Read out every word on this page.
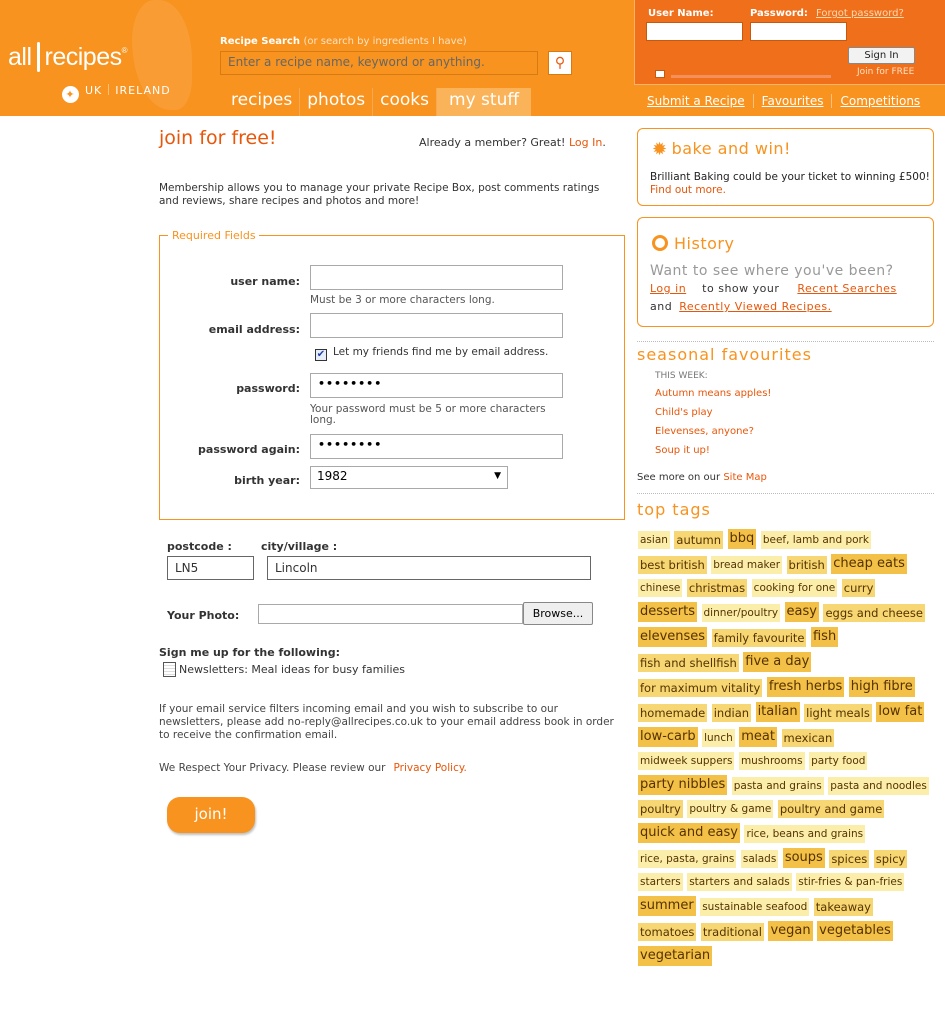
all recipes®
✦ UK IRELAND
Recipe Search (or search by ingredients I have)
Enter a recipe name, keyword or anything.	⚲
recipes photos cooks	my stuff
User Name:	Password: Forgot password?
Sign In
Join for FREE
Submit a Recipe	Favourites	Competitions
join for free!	Already a member? Great! Log In.
Membership allows you to manage your private Recipe Box, post comments ratings and reviews, share recipes and photos and more!
Required Fields
user name:
Must be 3 or more characters long.
email address:
✔ Let my friends find me by email address.
password:	••••••••
Your password must be 5 or more characters long.
password again:	••••••••
birth year:	1982	▼
postcode :	city/village :
LN5	Lincoln
Your Photo:	Browse...
Sign me up for the following:
Newsletters: Meal ideas for busy families
If your email service filters incoming email and you wish to subscribe to our newsletters, please add no-reply@allrecipes.co.uk to your email address book in order to receive the confirmation email.
We Respect Your Privacy. Please review our Privacy Policy.
join!
✹ bake and win!
Brilliant Baking could be your ticket to winning £500! Find out more.
History
Want to see where you've been?
Log in to show your Recent Searches
and Recently Viewed Recipes.
seasonal favourites
THIS WEEK:
Autumn means apples!
Child's play
Elevenses, anyone?
Soup it up!
See more on our Site Map
top tags
asian autumn bbq beef, lamb and pork best british bread maker british cheap eats chinese christmas cooking for one curry desserts dinner/poultry easy eggs and cheese elevenses family favourite fish fish and shellfish five a day for maximum vitality fresh herbs high fibre homemade indian italian light meals low fat low-carb lunch meat mexican midweek suppers mushrooms party food party nibbles pasta and grains pasta and noodles poultry poultry & game poultry and game quick and easy rice, beans and grains rice, pasta, grains salads soups spices spicy starters starters and salads stir-fries & pan-fries summer sustainable seafood takeaway tomatoes traditional vegan vegetables vegetarian
